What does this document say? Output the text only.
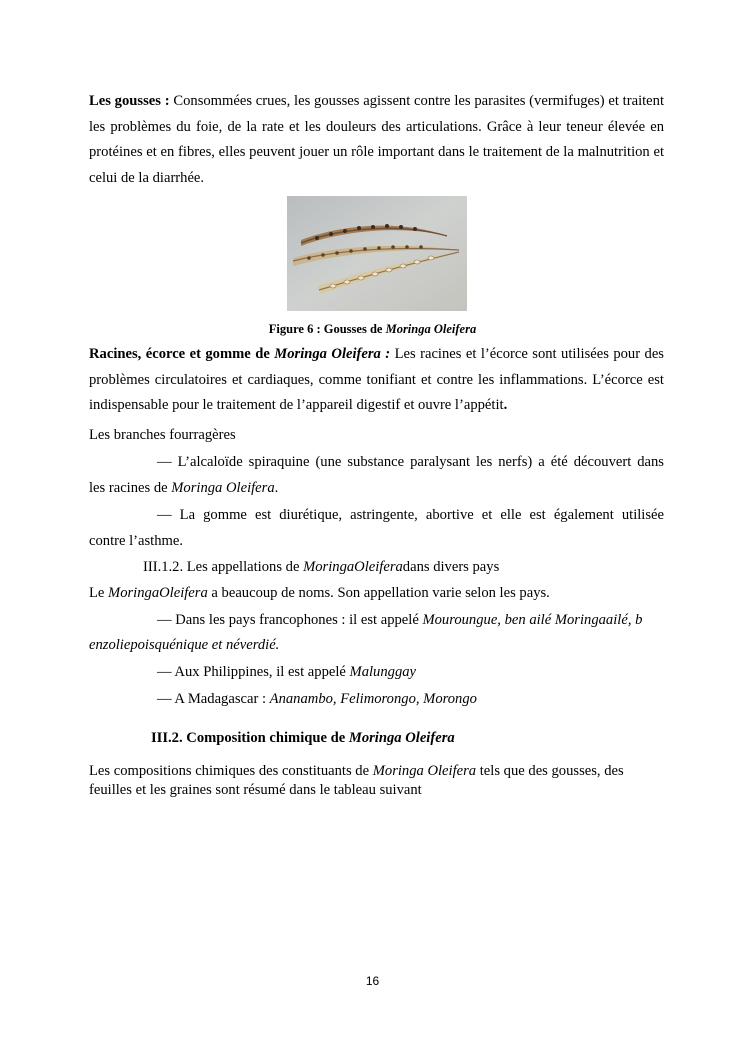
Les gousses : Consommées crues, les gousses agissent contre les parasites (vermifuges) et traitent les problèmes du foie, de la rate et les douleurs des articulations. Grâce à leur teneur élevée en protéines et en fibres, elles peuvent jouer un rôle important dans le traitement de la malnutrition et celui de la diarrhée.

Figure 6 : Gousses de Moringa Oleifera

Racines, écorce et gomme de Moringa Oleifera : Les racines et l’écorce sont utilisées pour des problèmes circulatoires et cardiaques, comme tonifiant et contre les inflammations. L’écorce est indispensable pour le traitement de l’appareil digestif et ouvre l’appétit.

Les branches fourragères
— L’alcaloïde spiraquine (une substance paralysant les nerfs) a été découvert dans
les racines de Moringa Oleifera.
— La gomme est diurétique, astringente, abortive et elle est également utilisée
contre l’asthme.
III.1.2. Les appellations de MoringaOleiferadans divers pays
Le MoringaOleifera a beaucoup de noms. Son appellation varie selon les pays.
— Dans les pays francophones : il est appelé Mouroungue, ben ailé Moringaailé, b
enzoliepoisquénique et néverdié.
— Aux Philippines, il est appelé Malunggay
— A Madagascar : Ananambo, Felimorongo, Morongo
III.2. Composition chimique de Moringa Oleifera
Les compositions chimiques des constituants de Moringa Oleifera tels que des gousses, des
feuilles et les graines sont résumé dans le tableau suivant
16
